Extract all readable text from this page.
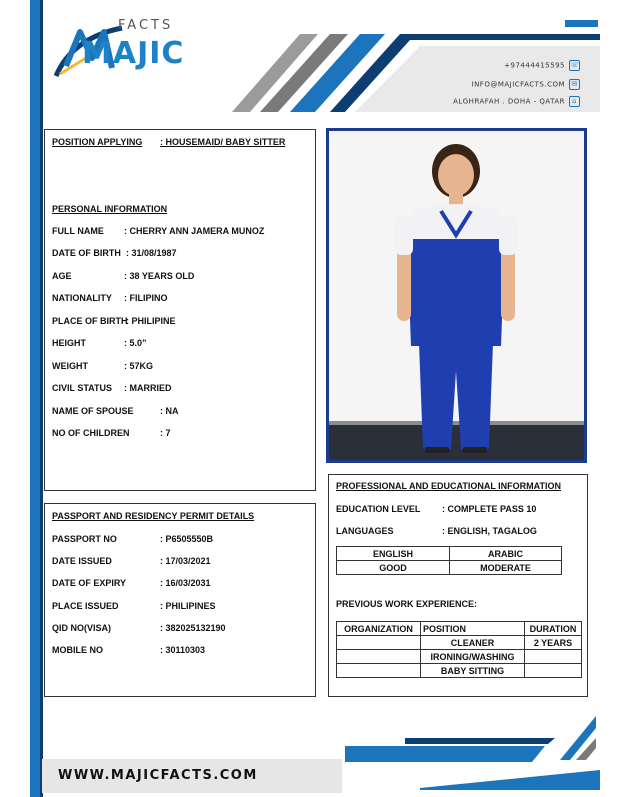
FACTS
MAJIC	+97444415595 ☏
INFO@MAJICFACTS.COM ✉
ALGHRAFAH . DOHA - QATAR ⌂
POSITION APPLYING : HOUSEMAID/ BABY SITTER
PERSONAL INFORMATION
FULL NAME : CHERRY ANN JAMERA MUNOZ
DATE OF BIRTH : 31/08/1987
AGE	: 38 YEARS OLD
NATIONALITY : FILIPINO
PLACE OF BIRTH
: PHILIPINE
HEIGHT	: 5.0”
WEIGHT	: 57KG
CIVIL STATUS : MARRIED
NAME OF SPOUSE	: NA
NO OF CHILDREN	: 7
PASSPORT AND RESIDENCY PERMIT DETAILS
PASSPORT NO	: P6505550B
DATE ISSUED	: 17/03/2021
DATE OF EXPIRY	: 16/03/2031
PLACE ISSUED	: PHILIPINES
QID NO(VISA)	: 382025132190
MOBILE NO	: 30110303
PROFESSIONAL AND EDUCATIONAL INFORMATION
EDUCATION LEVEL : COMPLETE PASS 10
LANGUAGES	: ENGLISH, TAGALOG
ENGLISH	ARABIC
GOOD	MODERATE
PREVIOUS WORK EXPERIENCE:
ORGANIZATION	POSITION	DURATION
	CLEANER	2 YEARS
	IRONING/WASHING	
	BABY SITTING	
WWW.MAJICFACTS.COM
